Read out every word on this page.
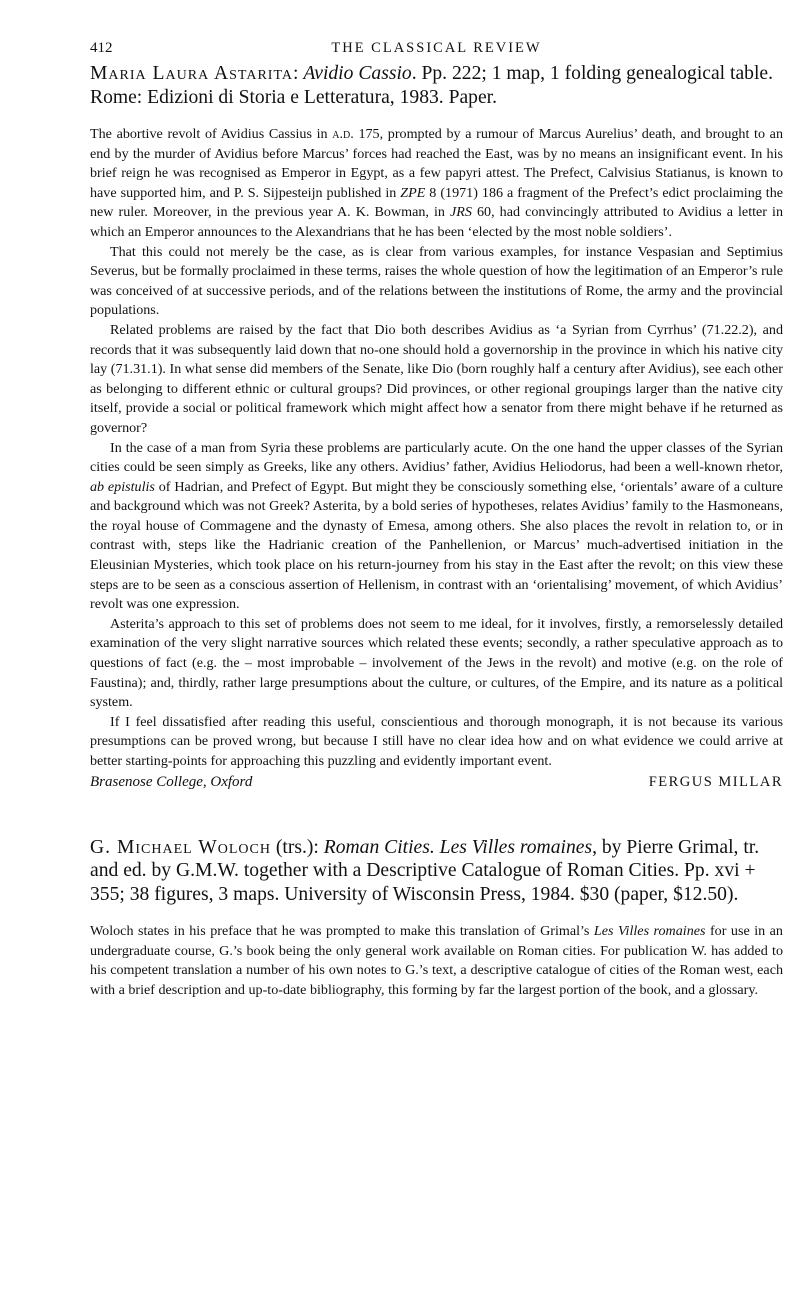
412	THE CLASSICAL REVIEW
Maria Laura Astarita: Avidio Cassio. Pp. 222; 1 map, 1 folding genealogical table. Rome: Edizioni di Storia e Letteratura, 1983. Paper.

The abortive revolt of Avidius Cassius in a.d. 175, prompted by a rumour of Marcus Aurelius’ death, and brought to an end by the murder of Avidius before Marcus’ forces had reached the East, was by no means an insignificant event. In his brief reign he was recognised as Emperor in Egypt, as a few papyri attest. The Prefect, Calvisius Statianus, is known to have supported him, and P. S. Sijpesteijn published in ZPE 8 (1971) 186 a fragment of the Prefect’s edict proclaiming the new ruler. Moreover, in the previous year A. K. Bowman, in JRS 60, had convincingly attributed to Avidius a letter in which an Emperor announces to the Alexandrians that he has been ‘elected by the most noble soldiers’.

That this could not merely be the case, as is clear from various examples, for instance Vespasian and Septimius Severus, but be formally proclaimed in these terms, raises the whole question of how the legitimation of an Emperor’s rule was conceived of at successive periods, and of the relations between the institutions of Rome, the army and the provincial populations.

Related problems are raised by the fact that Dio both describes Avidius as ‘a Syrian from Cyrrhus’ (71.22.2), and records that it was subsequently laid down that no-one should hold a governorship in the province in which his native city lay (71.31.1). In what sense did members of the Senate, like Dio (born roughly half a century after Avidius), see each other as belonging to different ethnic or cultural groups? Did provinces, or other regional groupings larger than the native city itself, provide a social or political framework which might affect how a senator from there might behave if he returned as governor?

In the case of a man from Syria these problems are particularly acute. On the one hand the upper classes of the Syrian cities could be seen simply as Greeks, like any others. Avidius’ father, Avidius Heliodorus, had been a well-known rhetor, ab epistulis of Hadrian, and Prefect of Egypt. But might they be consciously something else, ‘orientals’ aware of a culture and background which was not Greek? Asterita, by a bold series of hypotheses, relates Avidius’ family to the Hasmoneans, the royal house of Commagene and the dynasty of Emesa, among others. She also places the revolt in relation to, or in contrast with, steps like the Hadrianic creation of the Panhellenion, or Marcus’ much-advertised initiation in the Eleusinian Mysteries, which took place on his return-journey from his stay in the East after the revolt; on this view these steps are to be seen as a conscious assertion of Hellenism, in contrast with an ‘orientalising’ movement, of which Avidius’ revolt was one expression.

Asterita’s approach to this set of problems does not seem to me ideal, for it involves, firstly, a remorselessly detailed examination of the very slight narrative sources which related these events; secondly, a rather speculative approach as to questions of fact (e.g. the – most improbable – involvement of the Jews in the revolt) and motive (e.g. on the role of Faustina); and, thirdly, rather large presumptions about the culture, or cultures, of the Empire, and its nature as a political system.

If I feel dissatisfied after reading this useful, conscientious and thorough monograph, it is not because its various presumptions can be proved wrong, but because I still have no clear idea how and on what evidence we could arrive at better starting-points for approaching this puzzling and evidently important event.

Brasenose College, Oxford	FERGUS MILLAR
G. Michael Woloch (trs.): Roman Cities. Les Villes romaines, by Pierre Grimal, tr. and ed. by G.M.W. together with a Descriptive Catalogue of Roman Cities. Pp. xvi + 355; 38 figures, 3 maps. University of Wisconsin Press, 1984. $30 (paper, $12.50).

Woloch states in his preface that he was prompted to make this translation of Grimal’s Les Villes romaines for use in an undergraduate course, G.’s book being the only general work available on Roman cities. For publication W. has added to his competent translation a number of his own notes to G.’s text, a descriptive catalogue of cities of the Roman west, each with a brief description and up-to-date bibliography, this forming by far the largest portion of the book, and a glossary.
